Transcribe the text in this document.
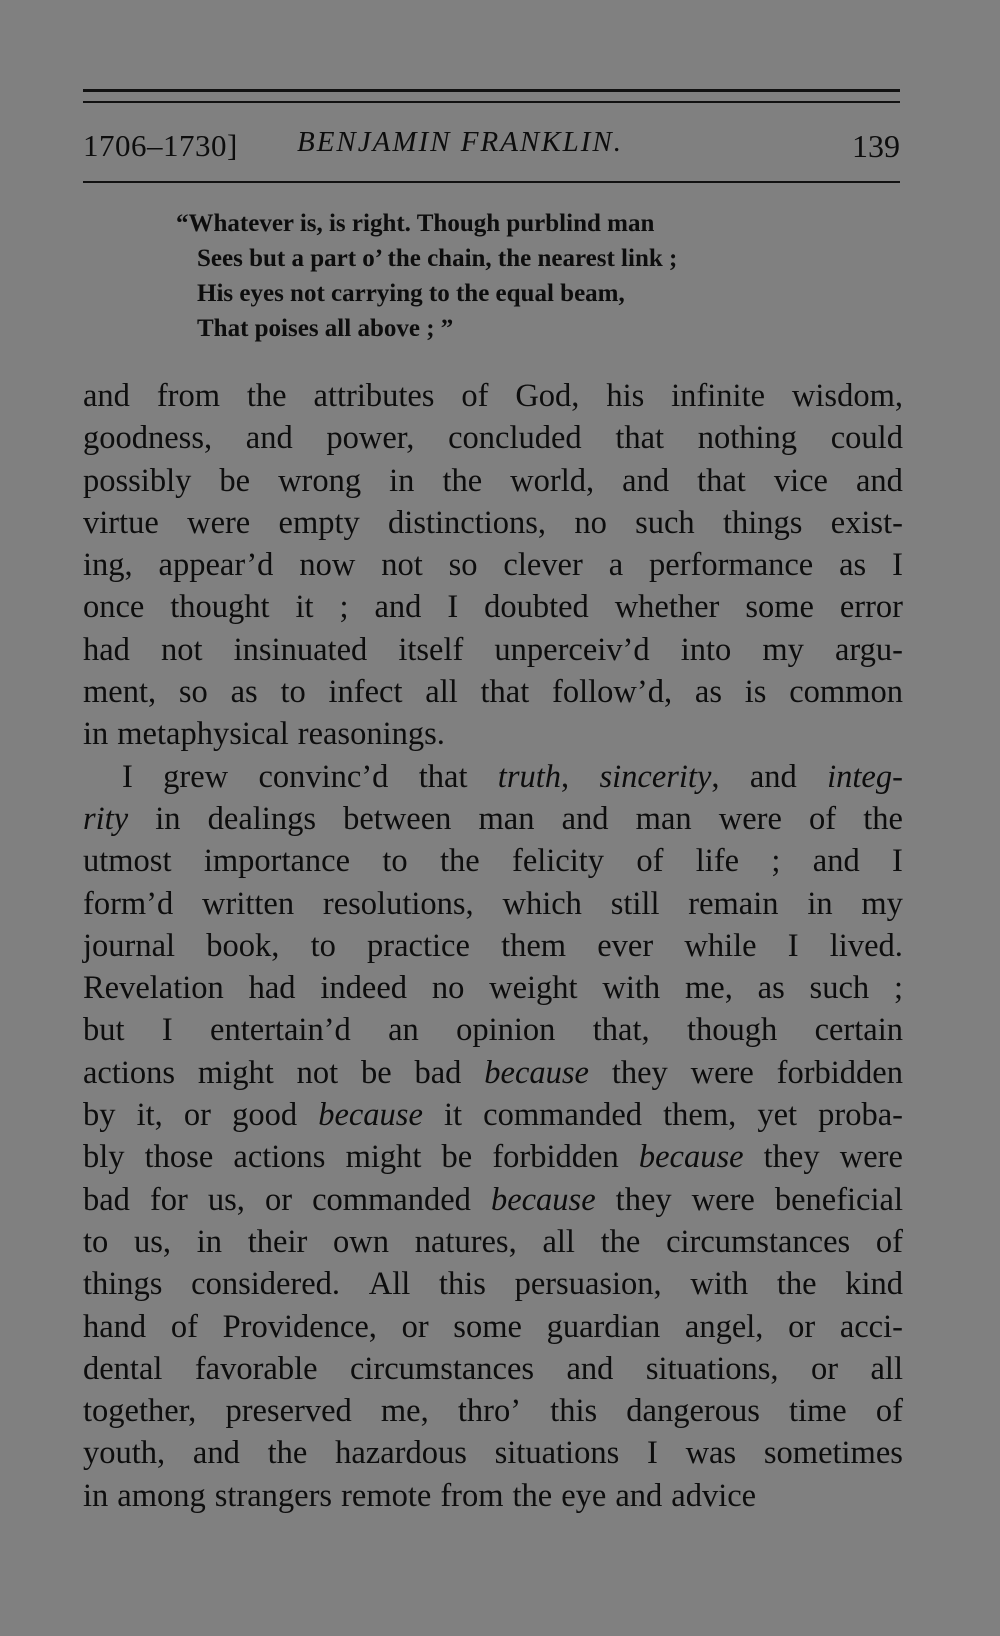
1706–1730] BENJAMIN FRANKLIN.	139
“Whatever is, is right. Though purblind man
Sees but a part o’ the chain, the nearest link ;
His eyes not carrying to the equal beam,
That poises all above ; ”
and from the attributes of God, his infinite wisdom,
goodness, and power, concluded that nothing could
possibly be wrong in the world, and that vice and
virtue were empty distinctions, no such things exist-
ing, appear’d now not so clever a performance as I
once thought it ; and I doubted whether some error
had not insinuated itself unperceiv’d into my argu-
ment, so as to infect all that follow’d, as is common
in metaphysical reasonings.
I grew convinc’d that truth, sincerity, and integ-
rity in dealings between man and man were of the
utmost importance to the felicity of life ; and I
form’d written resolutions, which still remain in my
journal book, to practice them ever while I lived.
Revelation had indeed no weight with me, as such ;
but I entertain’d an opinion that, though certain
actions might not be bad because they were forbidden
by it, or good because it commanded them, yet proba-
bly those actions might be forbidden because they were
bad for us, or commanded because they were beneficial
to us, in their own natures, all the circumstances of
things considered. All this persuasion, with the kind
hand of Providence, or some guardian angel, or acci-
dental favorable circumstances and situations, or all
together, preserved me, thro’ this dangerous time of
youth, and the hazardous situations I was sometimes
in among strangers remote from the eye and advice
